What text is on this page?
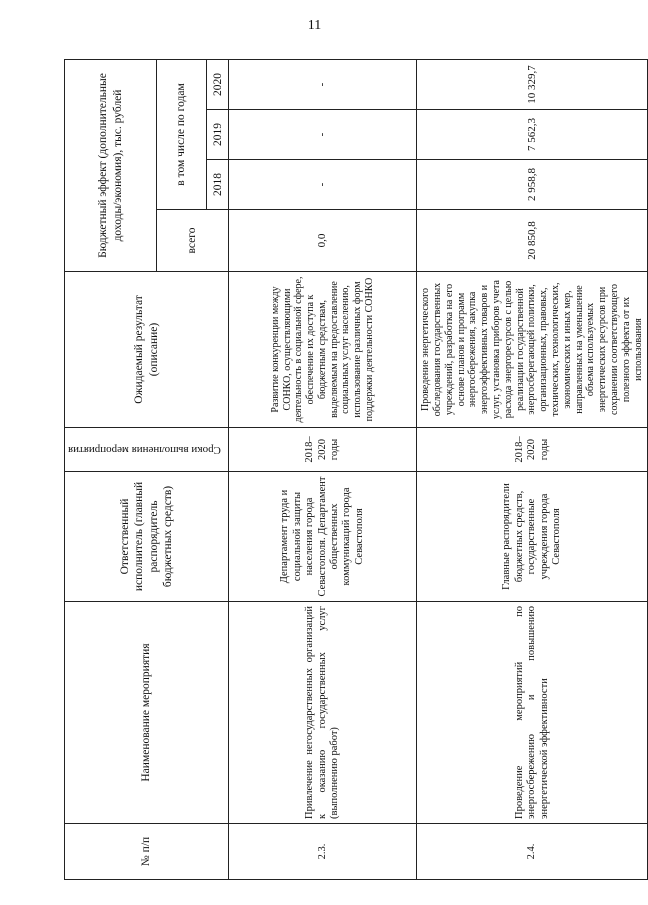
11
№ п/п	Наименование мероприятия	Ответственный исполнитель (главный распорядитель бюджетных средств)	Сроки выполнения мероприятия	Ожидаемый результат (описание)	Бюджетный эффект (дополнительные доходы/экономия), тыс. рублей			
					всего	в том числе по годам		
						2018	2019	2020
2.3.	Привлечение негосударственных организаций к оказанию государственных услуг (выполнению работ)	Департамент труда и социальной защиты населения города Севастополя. Департамент общественных коммуникаций города Севастополя	2018–2020 годы	Развитие конкуренции между СОНКО, осуществляющими деятельность в социальной сфере, обеспечение их доступа к бюджетным средствам, выделяемым на предоставление социальных услуг населению, использование различных форм поддержки деятельности СОНКО	0,0	-	-	-
2.4.	Проведение мероприятий по энергосбережению и повышению энергетической эффективности	Главные распорядители бюджетных средств, государственные учреждения города Севастополя	2018–2020 годы	Проведение энергетического обследования государственных учреждений, разработка на его основе планов и программ энергосбережения, закупка энергоэффективных товаров и услуг, установка приборов учета расхода энергоресурсов с целью реализации государственной энергосберегающей политики, организационных, правовых, технических, технологических, экономических и иных мер, направленных на уменьшение объема используемых энергетических ресурсов при сохранении соответствующего полезного эффекта от их использования	20 850,8	2 958,8	7 562,3	10 329,7
